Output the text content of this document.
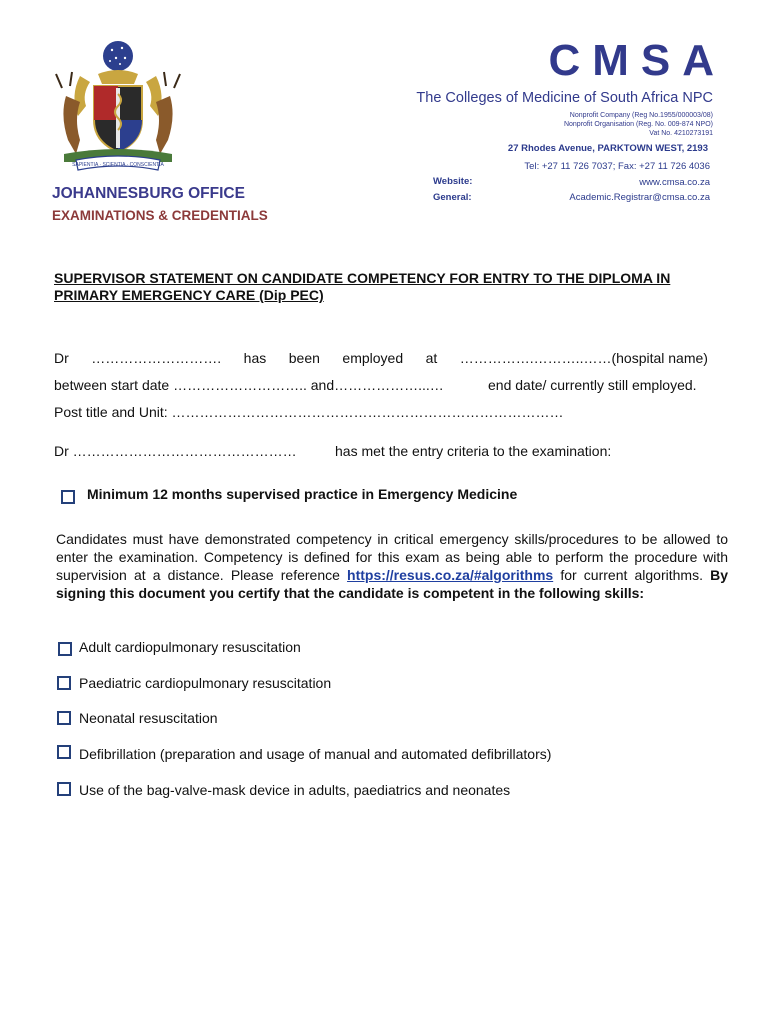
SAPIENTIA · SCIENTIA · CONSCIENTIA
JOHANNESBURG OFFICE
EXAMINATIONS & CREDENTIALS
CMSA
The Colleges of Medicine of South Africa NPC
Nonprofit Company (Reg No.1955/000003/08)
Nonprofit Organisation (Reg. No. 009-874 NPO)
Vat No. 4210273191
27 Rhodes Avenue, PARKTOWN WEST, 2193
Tel: +27 11 726 7037; Fax: +27 11 726 4036
Website:	www.cmsa.co.za
General:	Academic.Registrar@cmsa.co.za
SUPERVISOR STATEMENT ON CANDIDATE COMPETENCY FOR ENTRY TO THE DIPLOMA IN PRIMARY EMERGENCY CARE (Dip PEC)
Dr ………………………. has been employed at …………….………..……(hospital name)
between start date ……………………….. and………………...…	end date/ currently still employed.
Post title and Unit: …………………………………………………………………………
Dr …………………………………………	has met the entry criteria to the examination:
Minimum 12 months supervised practice in Emergency Medicine
Candidates must have demonstrated competency in critical emergency skills/procedures to be allowed to enter the examination. Competency is defined for this exam as being able to perform the procedure with supervision at a distance. Please reference https://resus.co.za/#algorithms for current algorithms. By signing this document you certify that the candidate is competent in the following skills:
Adult cardiopulmonary resuscitation
Paediatric cardiopulmonary resuscitation
Neonatal resuscitation
Defibrillation (preparation and usage of manual and automated defibrillators)
Use of the bag-valve-mask device in adults, paediatrics and neonates
